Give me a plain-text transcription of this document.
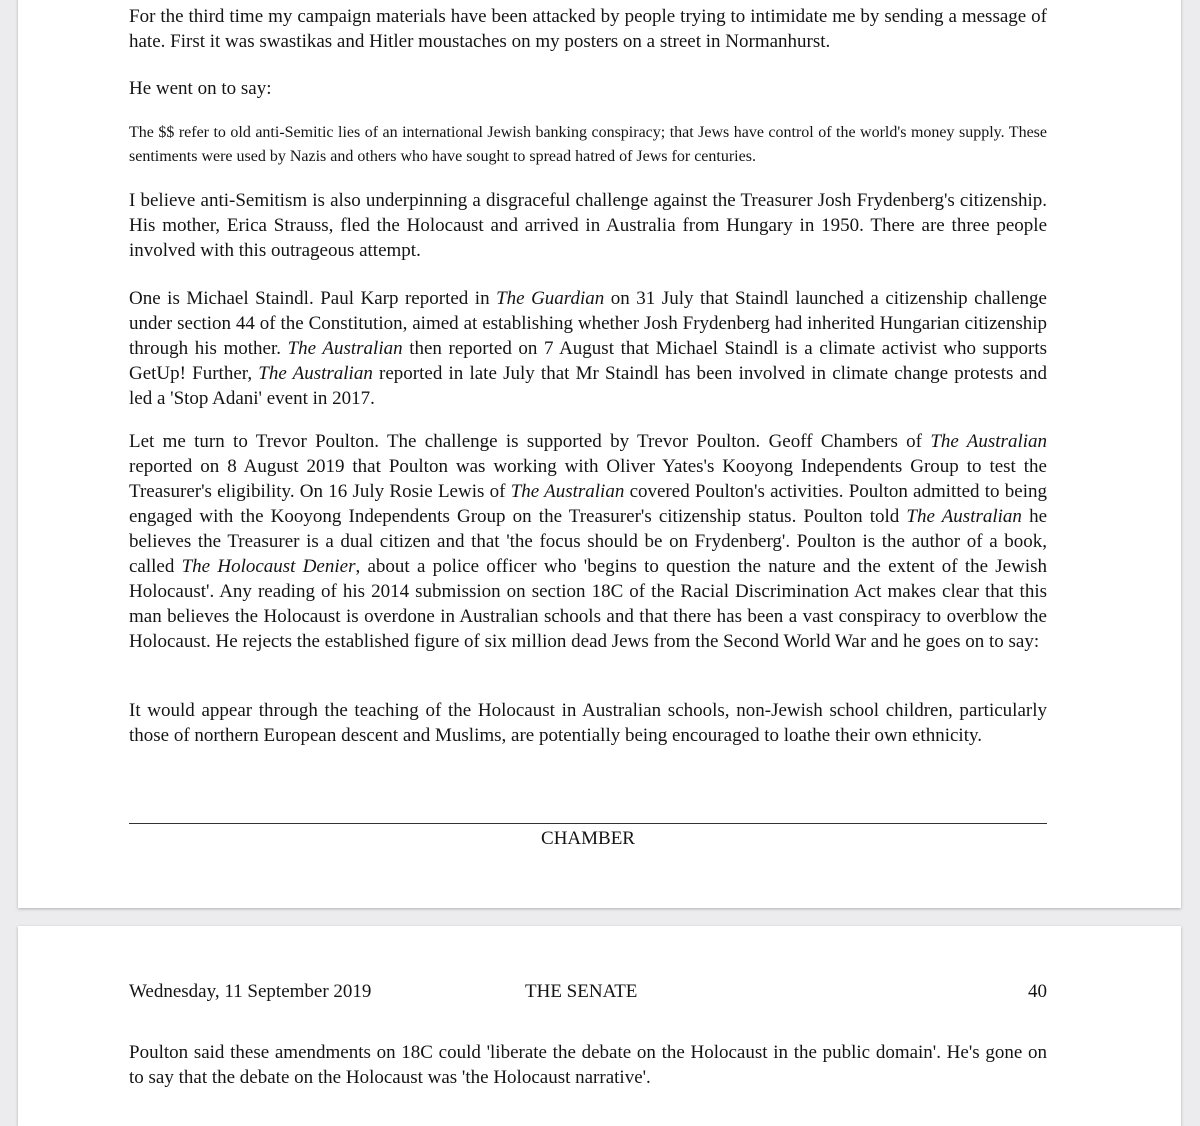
For the third time my campaign materials have been attacked by people trying to intimidate me by sending a message of hate. First it was swastikas and Hitler moustaches on my posters on a street in Normanhurst.

He went on to say:

The $$ refer to old anti-Semitic lies of an international Jewish banking conspiracy; that Jews have control of the world's money supply. These sentiments were used by Nazis and others who have sought to spread hatred of Jews for centuries.

I believe anti-Semitism is also underpinning a disgraceful challenge against the Treasurer Josh Frydenberg's citizenship. His mother, Erica Strauss, fled the Holocaust and arrived in Australia from Hungary in 1950. There are three people involved with this outrageous attempt.

One is Michael Staindl. Paul Karp reported in The Guardian on 31 July that Staindl launched a citizenship challenge under section 44 of the Constitution, aimed at establishing whether Josh Frydenberg had inherited Hungarian citizenship through his mother. The Australian then reported on 7 August that Michael Staindl is a climate activist who supports GetUp! Further, The Australian reported in late July that Mr Staindl has been involved in climate change protests and led a 'Stop Adani' event in 2017.

Let me turn to Trevor Poulton. The challenge is supported by Trevor Poulton. Geoff Chambers of The Australian reported on 8 August 2019 that Poulton was working with Oliver Yates's Kooyong Independents Group to test the Treasurer's eligibility. On 16 July Rosie Lewis of The Australian covered Poulton's activities. Poulton admitted to being engaged with the Kooyong Independents Group on the Treasurer's citizenship status. Poulton told The Australian he believes the Treasurer is a dual citizen and that 'the focus should be on Frydenberg'. Poulton is the author of a book, called The Holocaust Denier, about a police officer who 'begins to question the nature and the extent of the Jewish Holocaust'. Any reading of his 2014 submission on section 18C of the Racial Discrimination Act makes clear that this man believes the Holocaust is overdone in Australian schools and that there has been a vast conspiracy to overblow the Holocaust. He rejects the established figure of six million dead Jews from the Second World War and he goes on to say:

It would appear through the teaching of the Holocaust in Australian schools, non-Jewish school children, particularly those of northern European descent and Muslims, are potentially being encouraged to loathe their own ethnicity.

CHAMBER
Wednesday, 11 September 2019	THE SENATE	40

Poulton said these amendments on 18C could 'liberate the debate on the Holocaust in the public domain'. He's gone on to say that the debate on the Holocaust was 'the Holocaust narrative'.
